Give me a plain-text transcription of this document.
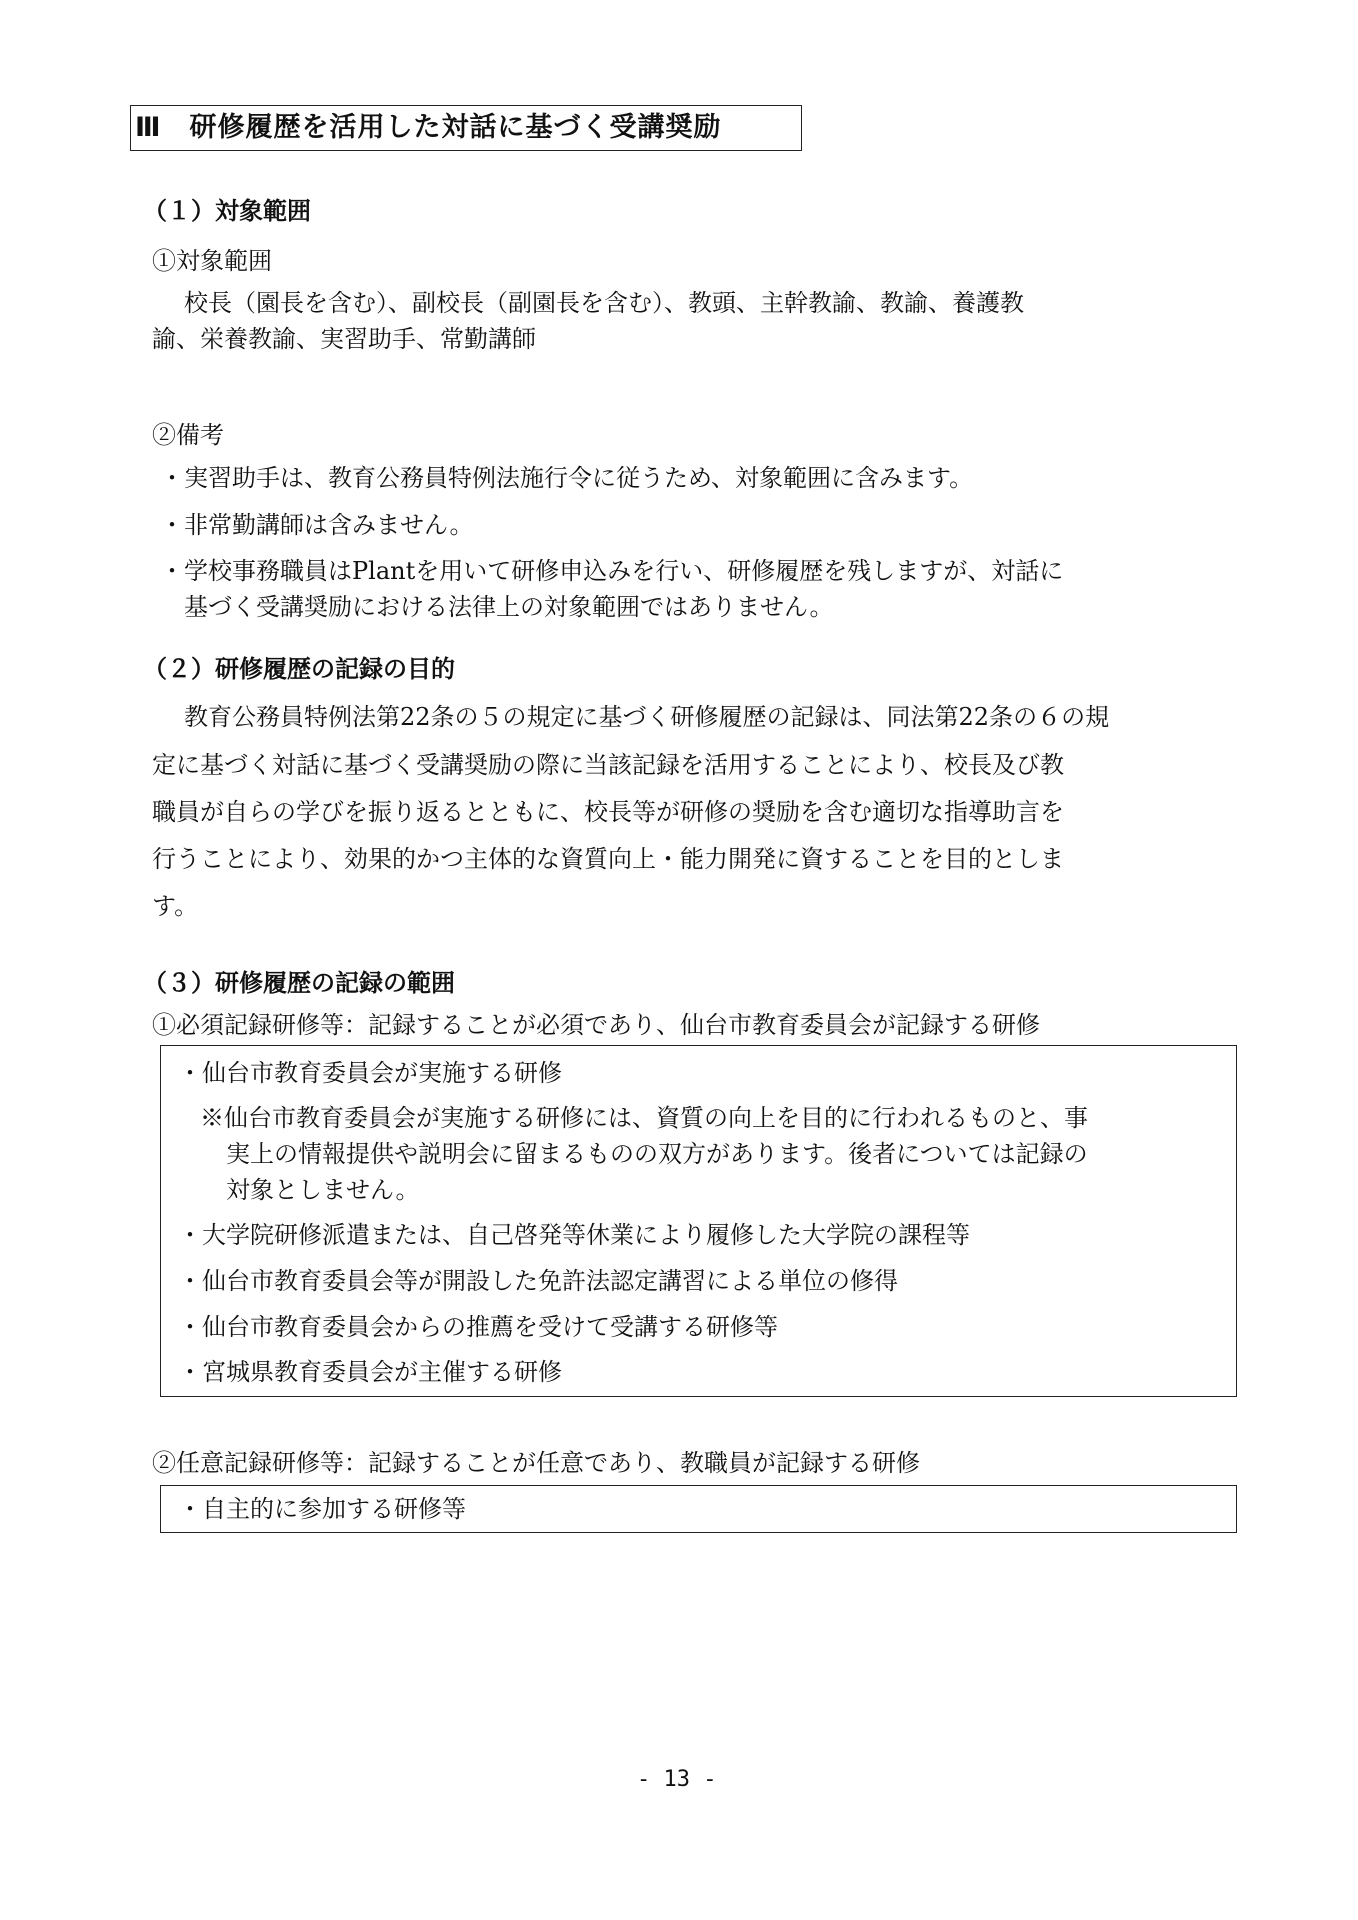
Ⅲ　研修履歴を活用した対話に基づく受講奨励
（１）対象範囲
①対象範囲
校長（園長を含む）、副校長（副園長を含む）、教頭、主幹教諭、教諭、養護教
諭、栄養教諭、実習助手、常勤講師
②備考
・実習助手は、教育公務員特例法施行令に従うため、対象範囲に含みます。
・非常勤講師は含みません。
・学校事務職員はPlantを用いて研修申込みを行い、研修履歴を残しますが、対話に
基づく受講奨励における法律上の対象範囲ではありません。
（２）研修履歴の記録の目的
教育公務員特例法第22条の５の規定に基づく研修履歴の記録は、同法第22条の６の規
定に基づく対話に基づく受講奨励の際に当該記録を活用することにより、校長及び教
職員が自らの学びを振り返るとともに、校長等が研修の奨励を含む適切な指導助言を
行うことにより、効果的かつ主体的な資質向上・能力開発に資することを目的としま
す。
（３）研修履歴の記録の範囲
①必須記録研修等：記録することが必須であり、仙台市教育委員会が記録する研修
・仙台市教育委員会が実施する研修
※仙台市教育委員会が実施する研修には、資質の向上を目的に行われるものと、事
実上の情報提供や説明会に留まるものの双方があります。後者については記録の
対象としません。
・大学院研修派遣または、自己啓発等休業により履修した大学院の課程等
・仙台市教育委員会等が開設した免許法認定講習による単位の修得
・仙台市教育委員会からの推薦を受けて受講する研修等
・宮城県教育委員会が主催する研修
②任意記録研修等：記録することが任意であり、教職員が記録する研修
・自主的に参加する研修等
- 13 -
